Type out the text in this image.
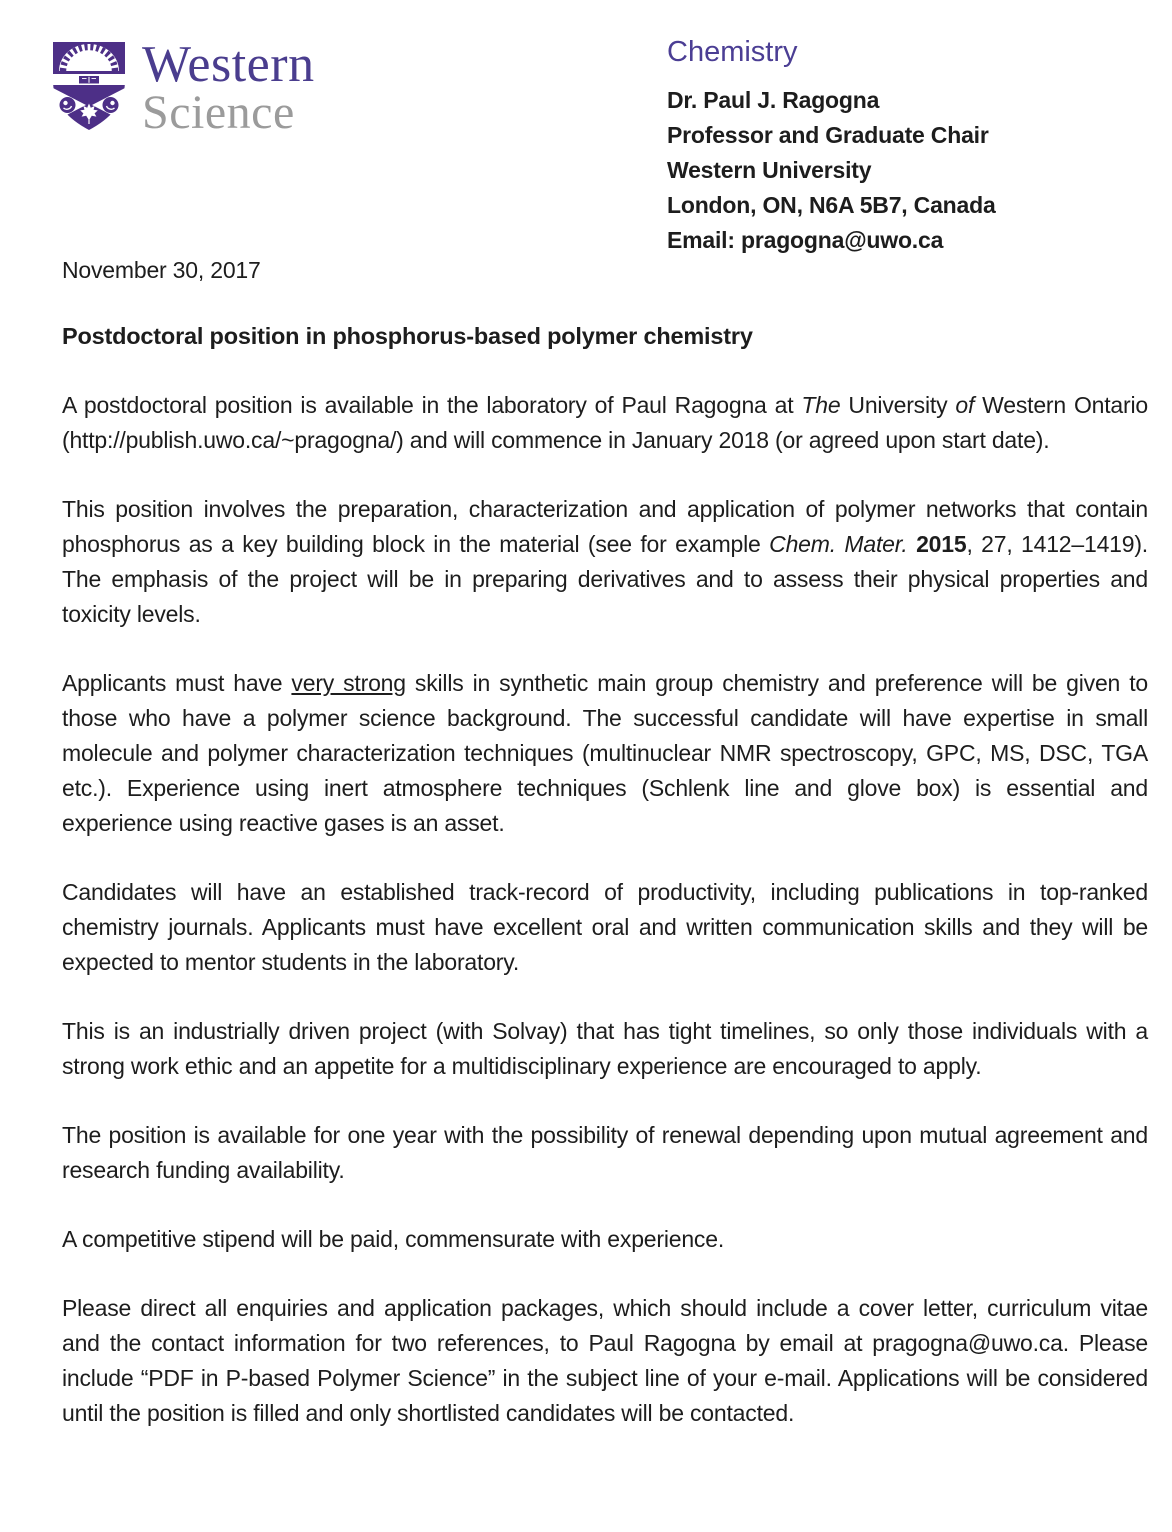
Western
Science
Chemistry
Dr. Paul J. Ragogna
Professor and Graduate Chair
Western University
London, ON, N6A 5B7, Canada
Email: pragogna@uwo.ca

November 30, 2017

Postdoctoral position in phosphorus-based polymer chemistry

A postdoctoral position is available in the laboratory of Paul Ragogna at The University of Western Ontario (http://publish.uwo.ca/~pragogna/) and will commence in January 2018 (or agreed upon start date).

This position involves the preparation, characterization and application of polymer networks that contain phosphorus as a key building block in the material (see for example Chem. Mater. 2015, 27, 1412–1419). The emphasis of the project will be in preparing derivatives and to assess their physical properties and toxicity levels.

Applicants must have very strong skills in synthetic main group chemistry and preference will be given to those who have a polymer science background. The successful candidate will have expertise in small molecule and polymer characterization techniques (multinuclear NMR spectroscopy, GPC, MS, DSC, TGA etc.). Experience using inert atmosphere techniques (Schlenk line and glove box) is essential and experience using reactive gases is an asset.

Candidates will have an established track-record of productivity, including publications in top-ranked chemistry journals. Applicants must have excellent oral and written communication skills and they will be expected to mentor students in the laboratory.

This is an industrially driven project (with Solvay) that has tight timelines, so only those individuals with a strong work ethic and an appetite for a multidisciplinary experience are encouraged to apply.

The position is available for one year with the possibility of renewal depending upon mutual agreement and research funding availability.

A competitive stipend will be paid, commensurate with experience.

Please direct all enquiries and application packages, which should include a cover letter, curriculum vitae and the contact information for two references, to Paul Ragogna by email at pragogna@uwo.ca. Please include “PDF in P-based Polymer Science” in the subject line of your e-mail. Applications will be considered until the position is filled and only shortlisted candidates will be contacted.
